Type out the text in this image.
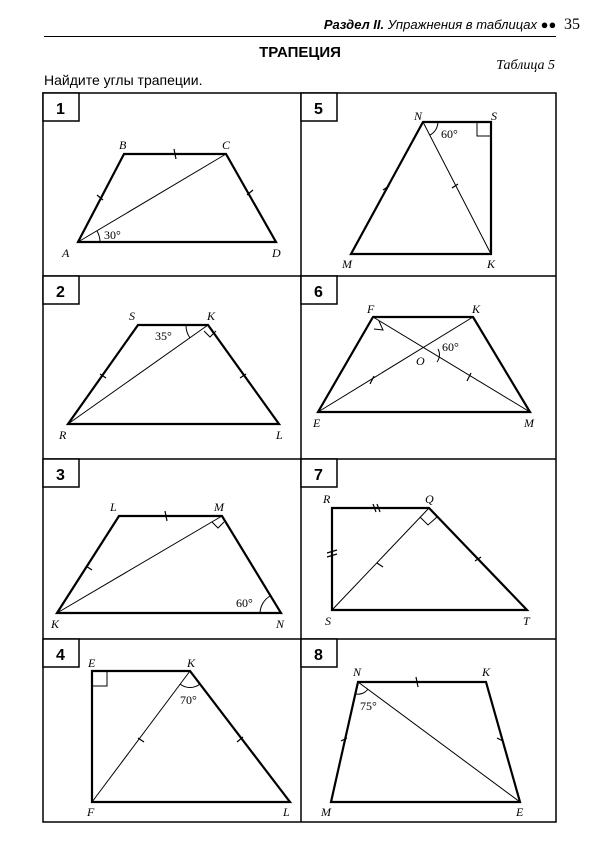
Раздел II. Упражнения в таблицах ●● 35
ТРАПЕЦИЯ
Таблица 5
Найдите углы трапеции.
1
30°
A
B	C
D
2
35°
S	K
R	L
3
60°
L	M
K	N
4
70°
E	K
F	L
5
60°
N	S
M	K
6
60°
F	K
O
E	M
7
R	Q
S	T
8
75°
N	K
M	E
